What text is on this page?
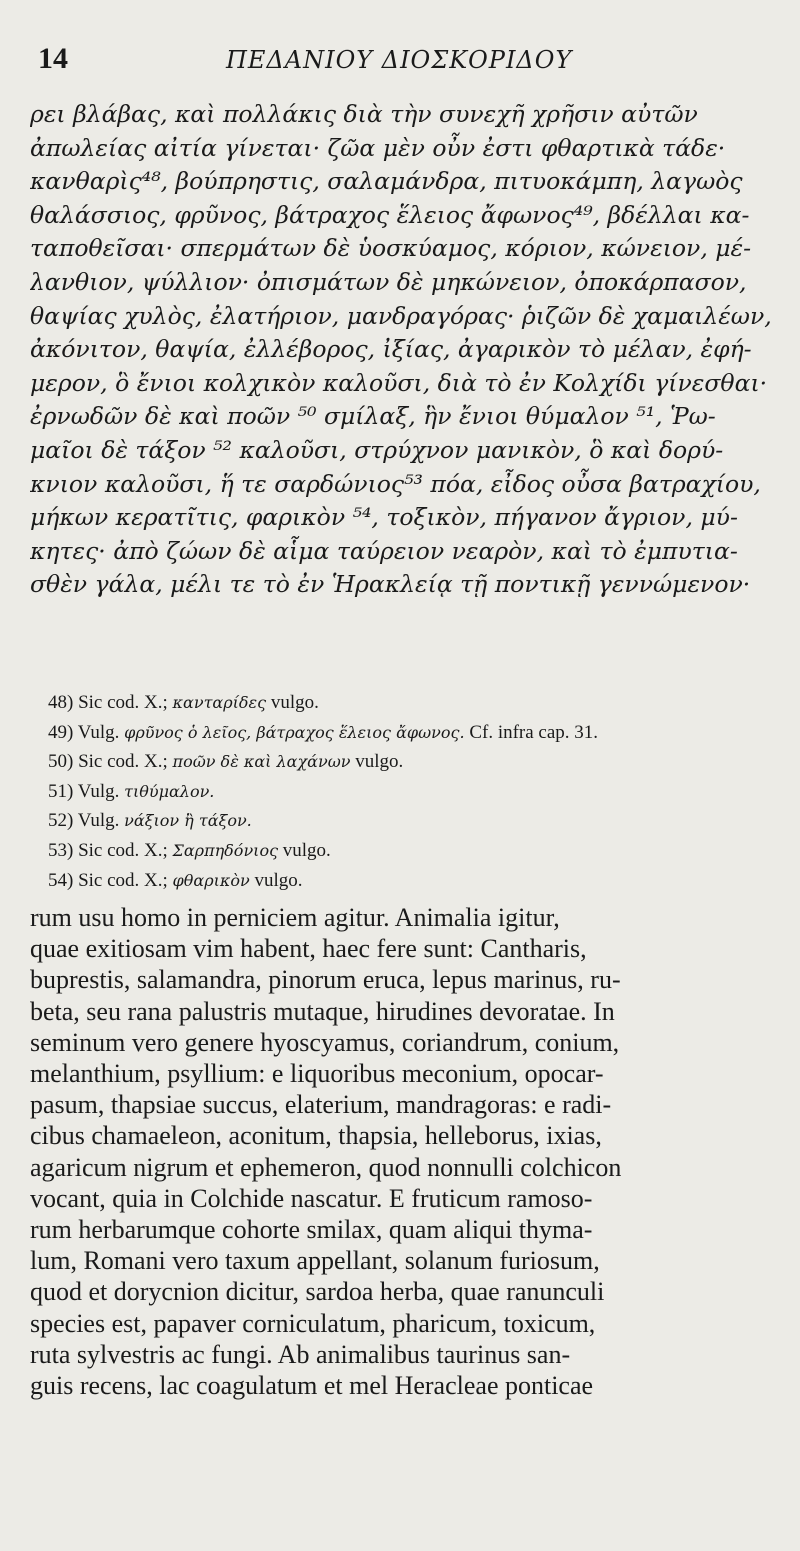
14	ΠΕΔΑΝΙΟΥ ΔΙΟΣΚΟΡΙΔΟΥ
ρει βλάβας, καὶ πολλάκις διὰ τὴν συνεχῆ χρῆσιν αὐτῶν
ἀπωλείας αἰτία γίνεται· ζῶα μὲν οὖν ἐστι φθαρτικὰ τάδε·
κανθαρὶς⁴⁸, βούπρηστις, σαλαμάνδρα, πιτυοκάμπη, λαγωὸς
θαλάσσιος, φρῦνος, βάτραχος ἕλειος ἄφωνος⁴⁹, βδέλλαι κα-
ταποθεῖσαι· σπερμάτων δὲ ὑοσκύαμος, κόριον, κώνειον, μέ-
λανθιον, ψύλλιον· ὀπισμάτων δὲ μηκώνειον, ὀποκάρπασον,
θαψίας χυλὸς, ἐλατήριον, μανδραγόρας· ῥιζῶν δὲ χαμαιλέων,
ἀκόνιτον, θαψία, ἐλλέβορος, ἰξίας, ἀγαρικὸν τὸ μέλαν, ἐφή-
μερον, ὃ ἔνιοι κολχικὸν καλοῦσι, διὰ τὸ ἐν Κολχίδι γίνεσθαι·
ἐρνωδῶν δὲ καὶ ποῶν ⁵⁰ σμίλαξ, ἣν ἔνιοι θύμαλον ⁵¹, Ῥω-
μαῖοι δὲ τάξον ⁵² καλοῦσι, στρύχνον μανικὸν, ὃ καὶ δορύ-
κνιον καλοῦσι, ἥ τε σαρδώνιος⁵³ πόα, εἶδος οὖσα βατραχίου,
μήκων κερατῖτις, φαρικὸν ⁵⁴, τοξικὸν, πήγανον ἄγριον, μύ-
κητες· ἀπὸ ζώων δὲ αἷμα ταύρειον νεαρὸν, καὶ τὸ ἐμπυτια-
σθὲν γάλα, μέλι τε τὸ ἐν Ἡρακλείᾳ τῇ ποντικῇ γεννώμενον·
48) Sic cod. X.; κανταρίδες vulgo.
49) Vulg. φρῦνος ὁ λεῖος, βάτραχος ἕλειος ἄφωνος. Cf. infra cap. 31.
50) Sic cod. X.; ποῶν δὲ καὶ λαχάνων vulgo.
51) Vulg. τιθύμαλον.
52) Vulg. νάξιον ἢ τάξον.
53) Sic cod. X.; Σαρπηδόνιος vulgo.
54) Sic cod. X.; φθαρικὸν vulgo.
rum usu homo in perniciem agitur. Animalia igitur,
quae exitiosam vim habent, haec fere sunt: Cantharis,
buprestis, salamandra, pinorum eruca, lepus marinus, ru-
beta, seu rana palustris mutaque, hirudines devoratae. In
seminum vero genere hyoscyamus, coriandrum, conium,
melanthium, psyllium: e liquoribus meconium, opocar-
pasum, thapsiae succus, elaterium, mandragoras: e radi-
cibus chamaeleon, aconitum, thapsia, helleborus, ixias,
agaricum nigrum et ephemeron, quod nonnulli colchicon
vocant, quia in Colchide nascatur. E fruticum ramoso-
rum herbarumque cohorte smilax, quam aliqui thyma-
lum, Romani vero taxum appellant, solanum furiosum,
quod et dorycnion dicitur, sardoa herba, quae ranunculi
species est, papaver corniculatum, pharicum, toxicum,
ruta sylvestris ac fungi. Ab animalibus taurinus san-
guis recens, lac coagulatum et mel Heracleae ponticae
